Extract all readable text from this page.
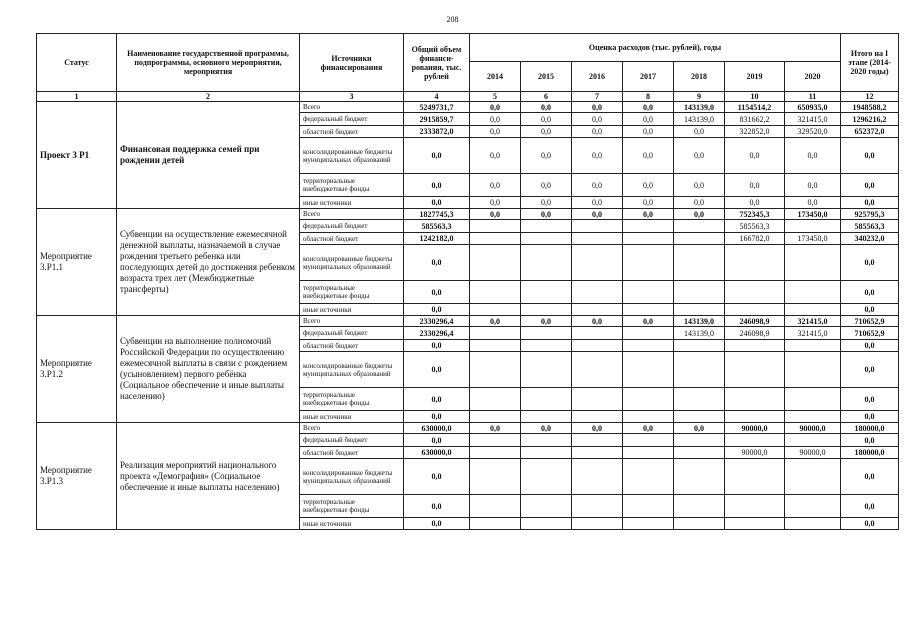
208
Статус	Наименование государственной программы, подпрограммы, основного мероприятия, мероприятия	Источники финансирования	Общий объем финанси-рования, тыс. рублей	Оценка расходов (тыс. рублей), годы							Итого на I этапе (2014-2020 годы)
				2014	2015	2016	2017	2018	2019	2020	
1	2	3	4	5	6	7	8	9	10	11	12
Проект 3 Р1	Финансовая поддержка семей при рождении детей	Всего	5249731,7	0,0	0,0	0,0	0,0	143139,0	1154514,2	650935,0	1948588,2
		федеральный бюджет	2915859,7	0,0	0,0	0,0	0,0	143139,0	831662,2	321415,0	1296216,2
		областной бюджет	2333872,0	0,0	0,0	0,0	0,0	0,0	322852,0	329520,0	652372,0
		консолидированные бюджеты муниципальных образований	0,0	0,0	0,0	0,0	0,0	0,0	0,0	0,0	0,0
		территориальные внебюджетные фонды	0,0	0,0	0,0	0,0	0,0	0,0	0,0	0,0	0,0
		иные источники	0,0	0,0	0,0	0,0	0,0	0,0	0,0	0,0	0,0
Мероприятие 3.Р1.1	Субвенции на осуществление ежемесячной денежной выплаты, назначаемой в случае рождения третьего ребенка или последующих детей до достижения ребенком возраста трех лет (Межбюджетные трансферты)	Всего	1827745,3	0,0	0,0	0,0	0,0	0,0	752345,3	173450,0	925795,3
		федеральный бюджет	585563,3						585563,3		585563,3
		областной бюджет	1242182,0						166782,0	173450,0	340232,0
		консолидированные бюджеты муниципальных образований	0,0								0,0
		территориальные внебюджетные фонды	0,0								0,0
		иные источники	0,0								0,0
Мероприятие 3.Р1.2	Субвенции на выполнение полномочий Российской Федерации по осуществлению ежемесячной выплаты в связи с рождением (усыновлением) первого ребёнка (Социальное обеспечение и иные выплаты населению)	Всего	2330296,4	0,0	0,0	0,0	0,0	143139,0	246098,9	321415,0	710652,9
		федеральный бюджет	2330296,4					143139,0	246098,9	321415,0	710652,9
		областной бюджет	0,0								0,0
		консолидированные бюджеты муниципальных образований	0,0								0,0
		территориальные внебюджетные фонды	0,0								0,0
		иные источники	0,0								0,0
Мероприятие 3.Р1.3	Реализация мероприятий национального проекта «Демография» (Социальное обеспечение и иные выплаты населению)	Всего	630000,0	0,0	0,0	0,0	0,0	0,0	90000,0	90000,0	180000,0
		федеральный бюджет	0,0								0,0
		областной бюджет	630000,0						90000,0	90000,0	180000,0
		консолидированные бюджеты муниципальных образований	0,0								0,0
		территориальные внебюджетные фонды	0,0								0,0
		иные источники	0,0								0,0
